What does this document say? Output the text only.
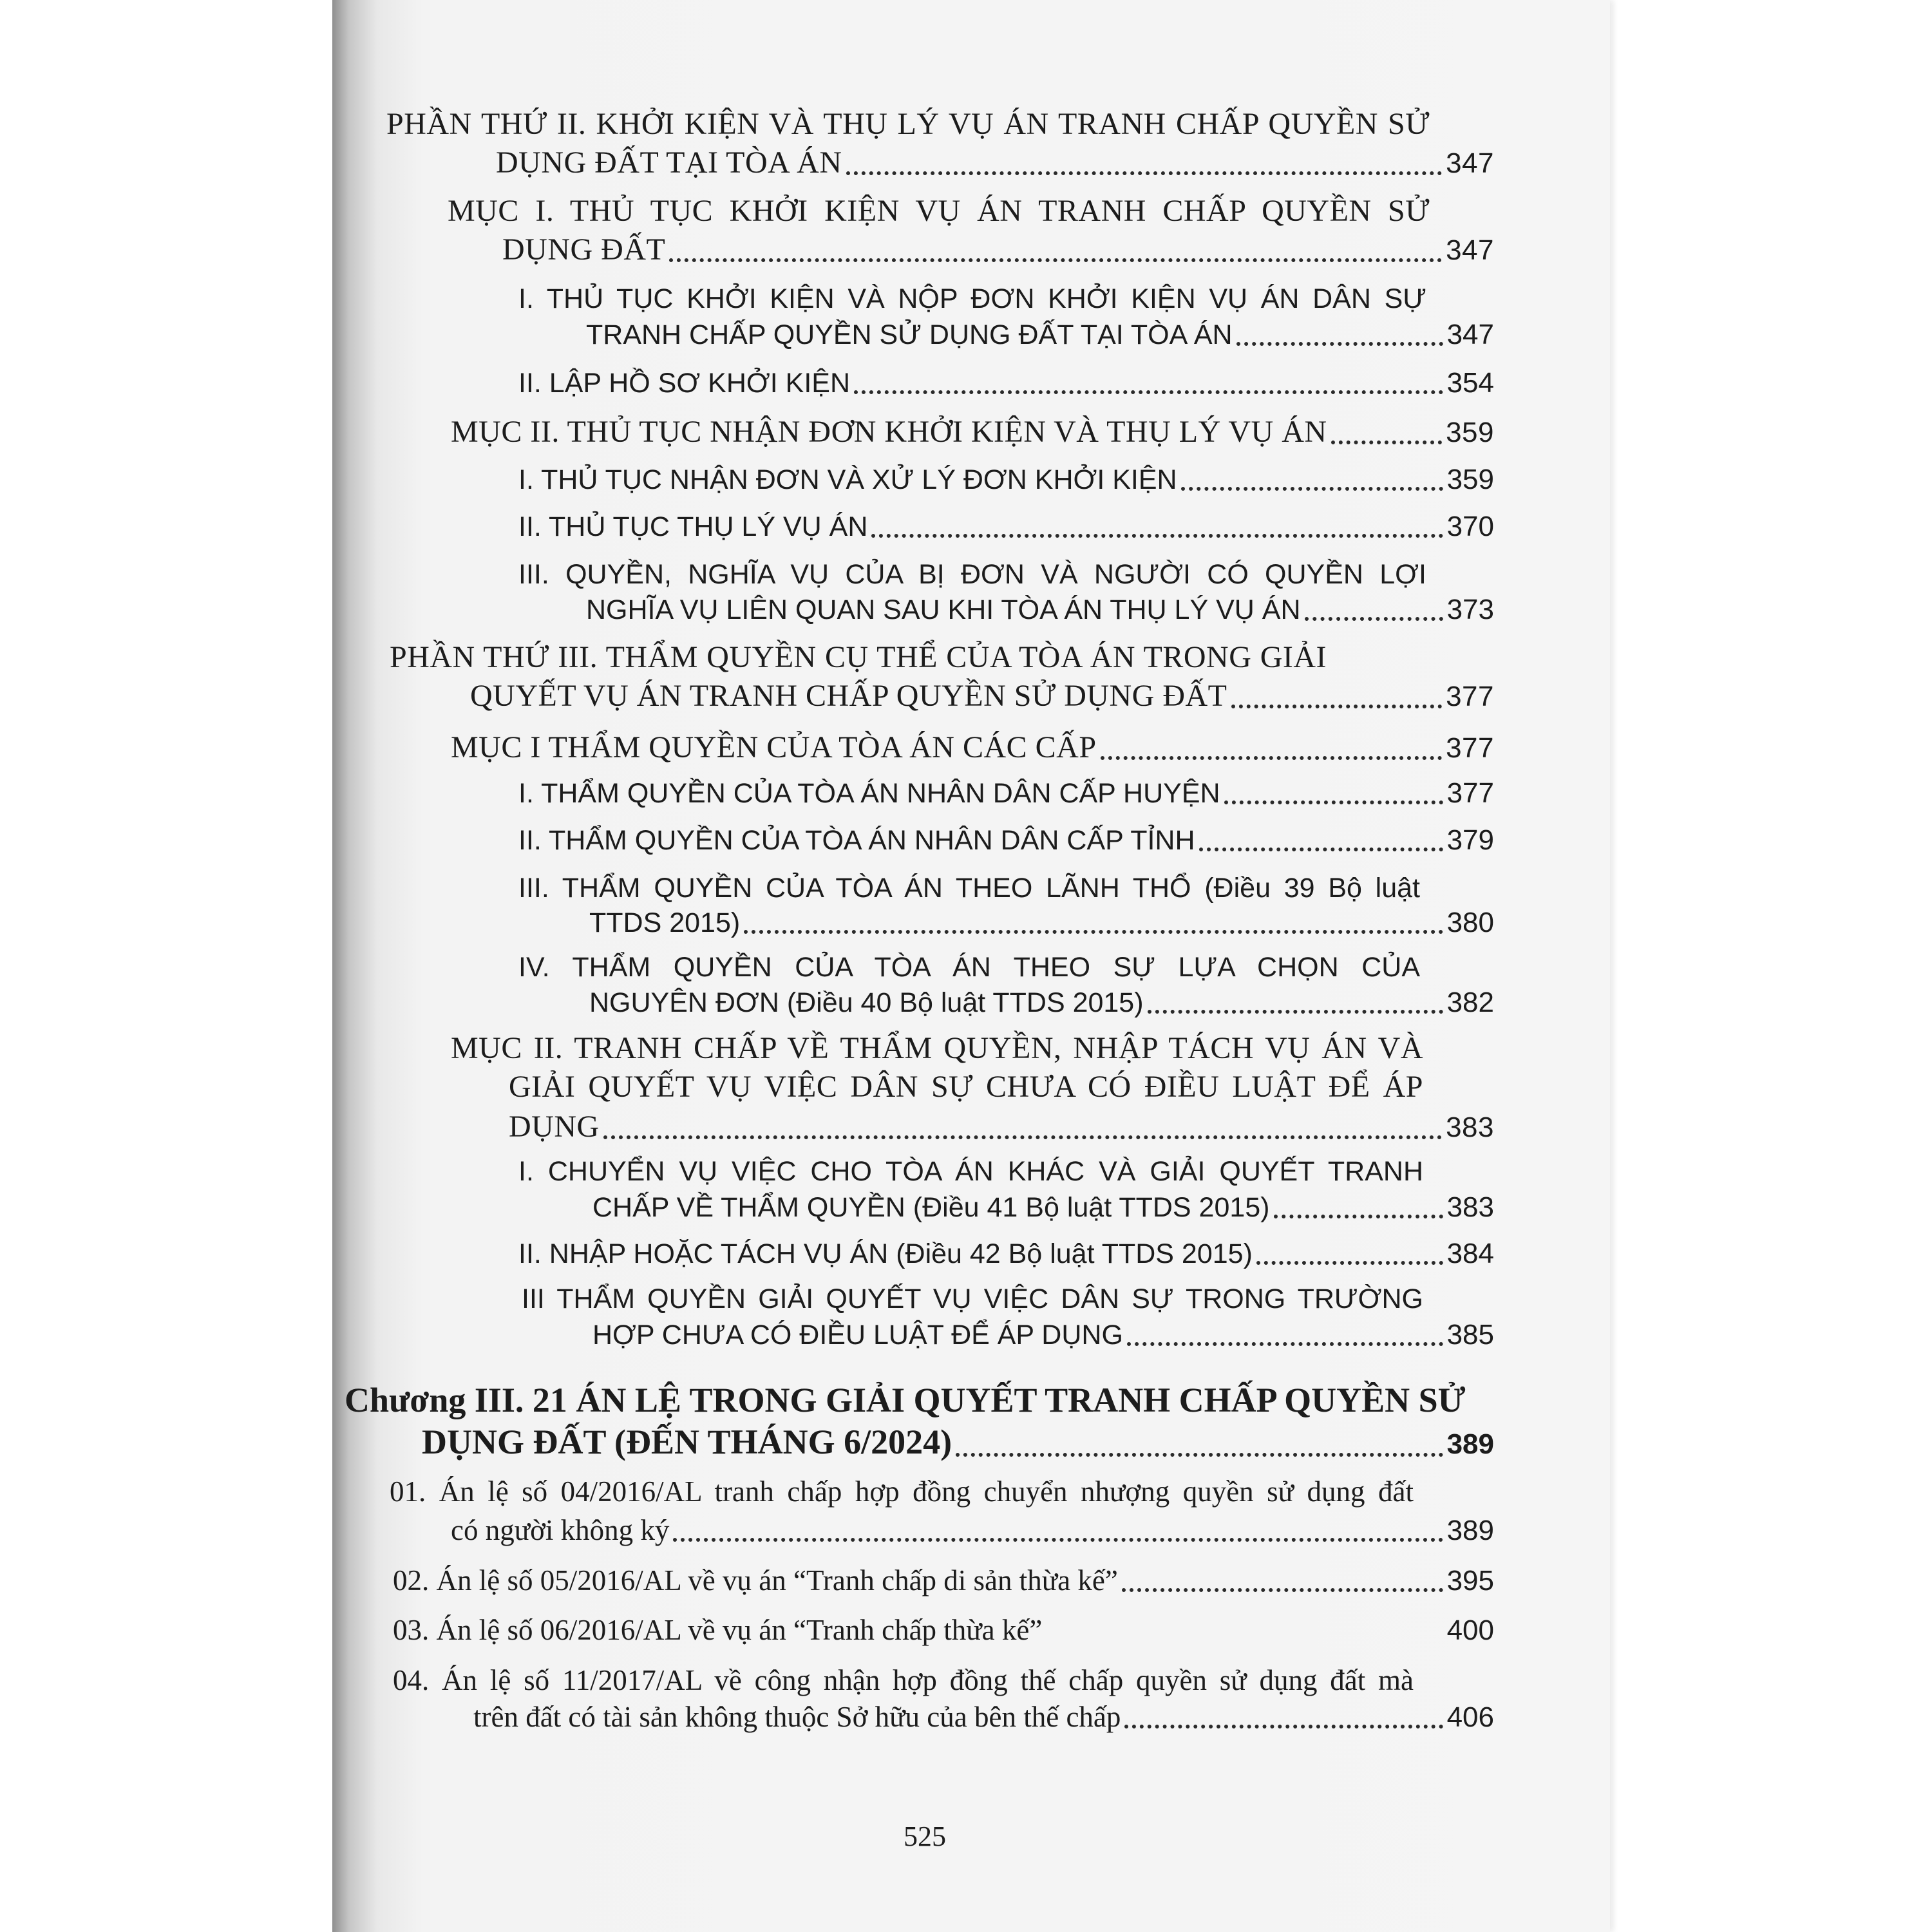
PHẦN THỨ II. KHỞI KIỆN VÀ THỤ LÝ VỤ ÁN TRANH CHẤP QUYỀN SỬ
DỤNG ĐẤT TẠI TÒA ÁN	347
MỤC I. THỦ TỤC KHỞI KIỆN VỤ ÁN TRANH CHẤP QUYỀN SỬ
DỤNG ĐẤT	347
I. THỦ TỤC KHỞI KIỆN VÀ NỘP ĐƠN KHỞI KIỆN VỤ ÁN DÂN SỰ
TRANH CHẤP QUYỀN SỬ DỤNG ĐẤT TẠI TÒA ÁN	347
II. LẬP HỒ SƠ KHỞI KIỆN	354
MỤC II. THỦ TỤC NHẬN ĐƠN KHỞI KIỆN VÀ THỤ LÝ VỤ ÁN	359
I. THỦ TỤC NHẬN ĐƠN VÀ XỬ LÝ ĐƠN KHỞI KIỆN	359
II. THỦ TỤC THỤ LÝ VỤ ÁN	370
III. QUYỀN, NGHĨA VỤ CỦA BỊ ĐƠN VÀ NGƯỜI CÓ QUYỀN LỢI
NGHĨA VỤ LIÊN QUAN SAU KHI TÒA ÁN THỤ LÝ VỤ ÁN	373
PHẦN THỨ III. THẨM QUYỀN CỤ THỂ CỦA TÒA ÁN TRONG GIẢI
QUYẾT VỤ ÁN TRANH CHẤP QUYỀN SỬ DỤNG ĐẤT	377
MỤC I THẨM QUYỀN CỦA TÒA ÁN CÁC CẤP	377
I. THẨM QUYỀN CỦA TÒA ÁN NHÂN DÂN CẤP HUYỆN	377
II. THẨM QUYỀN CỦA TÒA ÁN NHÂN DÂN CẤP TỈNH	379
III. THẨM QUYỀN CỦA TÒA ÁN THEO LÃNH THỔ (Điều 39 Bộ luật
TTDS 2015)	380
IV. THẨM QUYỀN CỦA TÒA ÁN THEO SỰ LỰA CHỌN CỦA
NGUYÊN ĐƠN (Điều 40 Bộ luật TTDS 2015)	382
MỤC II. TRANH CHẤP VỀ THẨM QUYỀN, NHẬP TÁCH VỤ ÁN VÀ
GIẢI QUYẾT VỤ VIỆC DÂN SỰ CHƯA CÓ ĐIỀU LUẬT ĐỂ ÁP
DỤNG	383
I. CHUYỂN VỤ VIỆC CHO TÒA ÁN KHÁC VÀ GIẢI QUYẾT TRANH
CHẤP VỀ THẨM QUYỀN (Điều 41 Bộ luật TTDS 2015)	383
II. NHẬP HOẶC TÁCH VỤ ÁN (Điều 42 Bộ luật TTDS 2015)	384
III THẨM QUYỀN GIẢI QUYẾT VỤ VIỆC DÂN SỰ TRONG TRƯỜNG
HỢP CHƯA CÓ ĐIỀU LUẬT ĐỂ ÁP DỤNG	385
Chương III. 21 ÁN LỆ TRONG GIẢI QUYẾT TRANH CHẤP QUYỀN SỬ
DỤNG ĐẤT (ĐẾN THÁNG 6/2024)	389
01. Án lệ số 04/2016/AL tranh chấp hợp đồng chuyển nhượng quyền sử dụng đất
có người không ký	389
02. Án lệ số 05/2016/AL về vụ án “Tranh chấp di sản thừa kế”	395
03. Án lệ số 06/2016/AL về vụ án “Tranh chấp thừa kế”	400
04. Án lệ số 11/2017/AL về công nhận hợp đồng thế chấp quyền sử dụng đất mà
trên đất có tài sản không thuộc Sở hữu của bên thế chấp	406
525
